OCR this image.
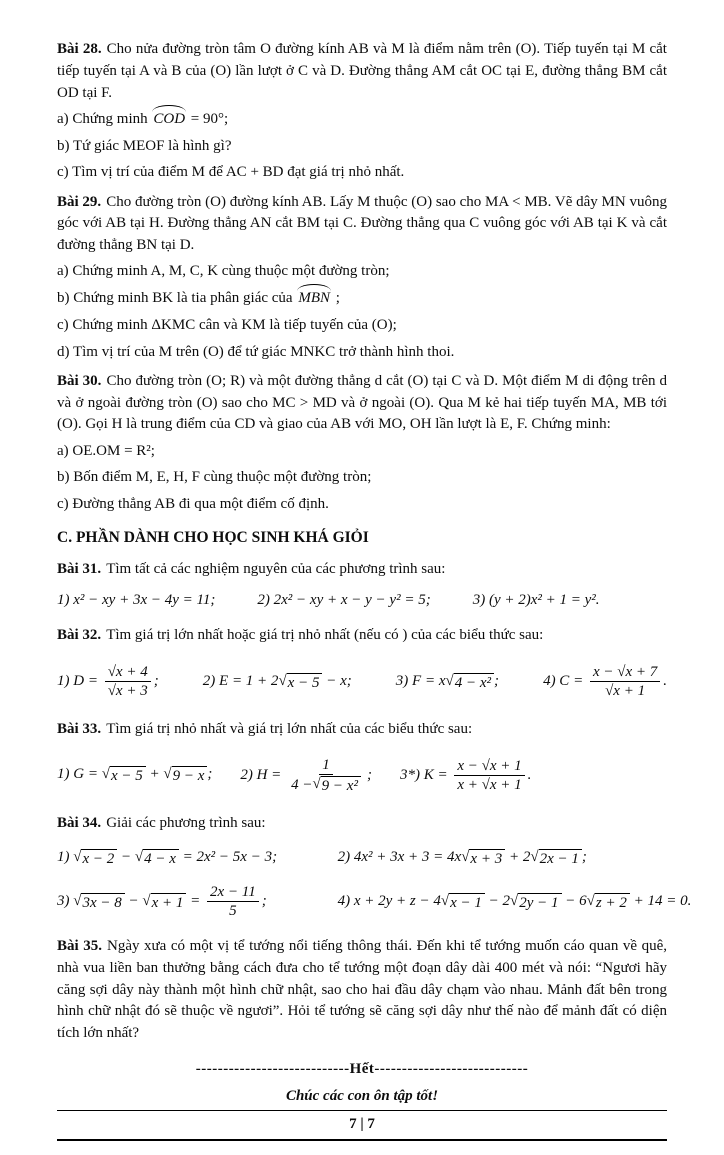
Bài 28. Cho nửa đường tròn tâm O đường kính AB và M là điểm nằm trên (O). Tiếp tuyến tại M cắt tiếp tuyến tại A và B của (O) lần lượt ở C và D. Đường thẳng AM cắt OC tại E, đường thẳng BM cắt OD tại F.

a) Chứng minh COD = 90°;

b) Tứ giác MEOF là hình gì?

c) Tìm vị trí của điểm M để AC + BD đạt giá trị nhỏ nhất.

Bài 29. Cho đường tròn (O) đường kính AB. Lấy M thuộc (O) sao cho MA < MB. Vẽ dây MN vuông góc với AB tại H. Đường thẳng AN cắt BM tại C. Đường thẳng qua C vuông góc với AB tại K và cắt đường thẳng BN tại D.

a) Chứng minh A, M, C, K cùng thuộc một đường tròn;

b) Chứng minh BK là tia phân giác của MBN ;

c) Chứng minh ΔKMC cân và KM là tiếp tuyến của (O);

d) Tìm vị trí của M trên (O) để tứ giác MNKC trở thành hình thoi.

Bài 30. Cho đường tròn (O; R) và một đường thẳng d cắt (O) tại C và D. Một điểm M di động trên d và ở ngoài đường tròn (O) sao cho MC > MD và ở ngoài (O). Qua M kẻ hai tiếp tuyến MA, MB tới (O). Gọi H là trung điểm của CD và giao của AB với MO, OH lần lượt là E, F. Chứng minh:

a) OE.OM = R²;

b) Bốn điểm M, E, H, F cùng thuộc một đường tròn;

c) Đường thẳng AB đi qua một điểm cố định.

C. PHẦN DÀNH CHO HỌC SINH KHÁ GIỎI

Bài 31. Tìm tất cả các nghiệm nguyên của các phương trình sau:

1) x² − xy + 3x − 4y = 11;	2) 2x² − xy + x − y − y² = 5;	3) (y + 2)x² + 1 = y².

Bài 32. Tìm giá trị lớn nhất hoặc giá trị nhỏ nhất (nếu có ) của các biểu thức sau:

1) $D = \frac{√x + 4}{√x + 3}$ ;	2) E = 1 + 2 √ x − 5 − x;	3) F = x √ 4 − x² ;	4) $C = \frac{x - √x + 7}{√x + 1}$ .

Bài 33. Tìm giá trị nhỏ nhất và giá trị lớn nhất của các biểu thức sau:

1) G = √ x − 5 + √ 9 − x ; 2) $H = \frac{1}{\text{4 − √ 9 − x²}}$ ; 3*) $K = \frac{x - √x + 1}{x + √x + 1}$ .

Bài 34. Giải các phương trình sau:

1) √ x − 2 − √ 4 − x = 2x² − 5x − 3;	2) 4x² + 3x + 3 = 4x √ x + 3 + 2 √ 2x − 1 ;
3) √ 3x − 8 − √ $x + 1 = \frac{2x - 11}{5}$ ;	4) x + 2y + z − 4 √ x − 1 − 2 √ 2y − 1 − 6 √ z + 2 + 14 = 0.

Bài 35. Ngày xưa có một vị tể tướng nổi tiếng thông thái. Đến khi tể tướng muốn cáo quan về quê, nhà vua liền ban thưởng bằng cách đưa cho tể tướng một đoạn dây dài 400 mét và nói: “Ngươi hãy căng sợi dây này thành một hình chữ nhật, sao cho hai đầu dây chạm vào nhau. Mảnh đất bên trong hình chữ nhật đó sẽ thuộc về ngươi”. Hỏi tể tướng sẽ căng sợi dây như thế nào để mảnh đất có diện tích lớn nhất?

----------------------------Hết----------------------------

Chúc các con ôn tập tốt!

7 | 7
